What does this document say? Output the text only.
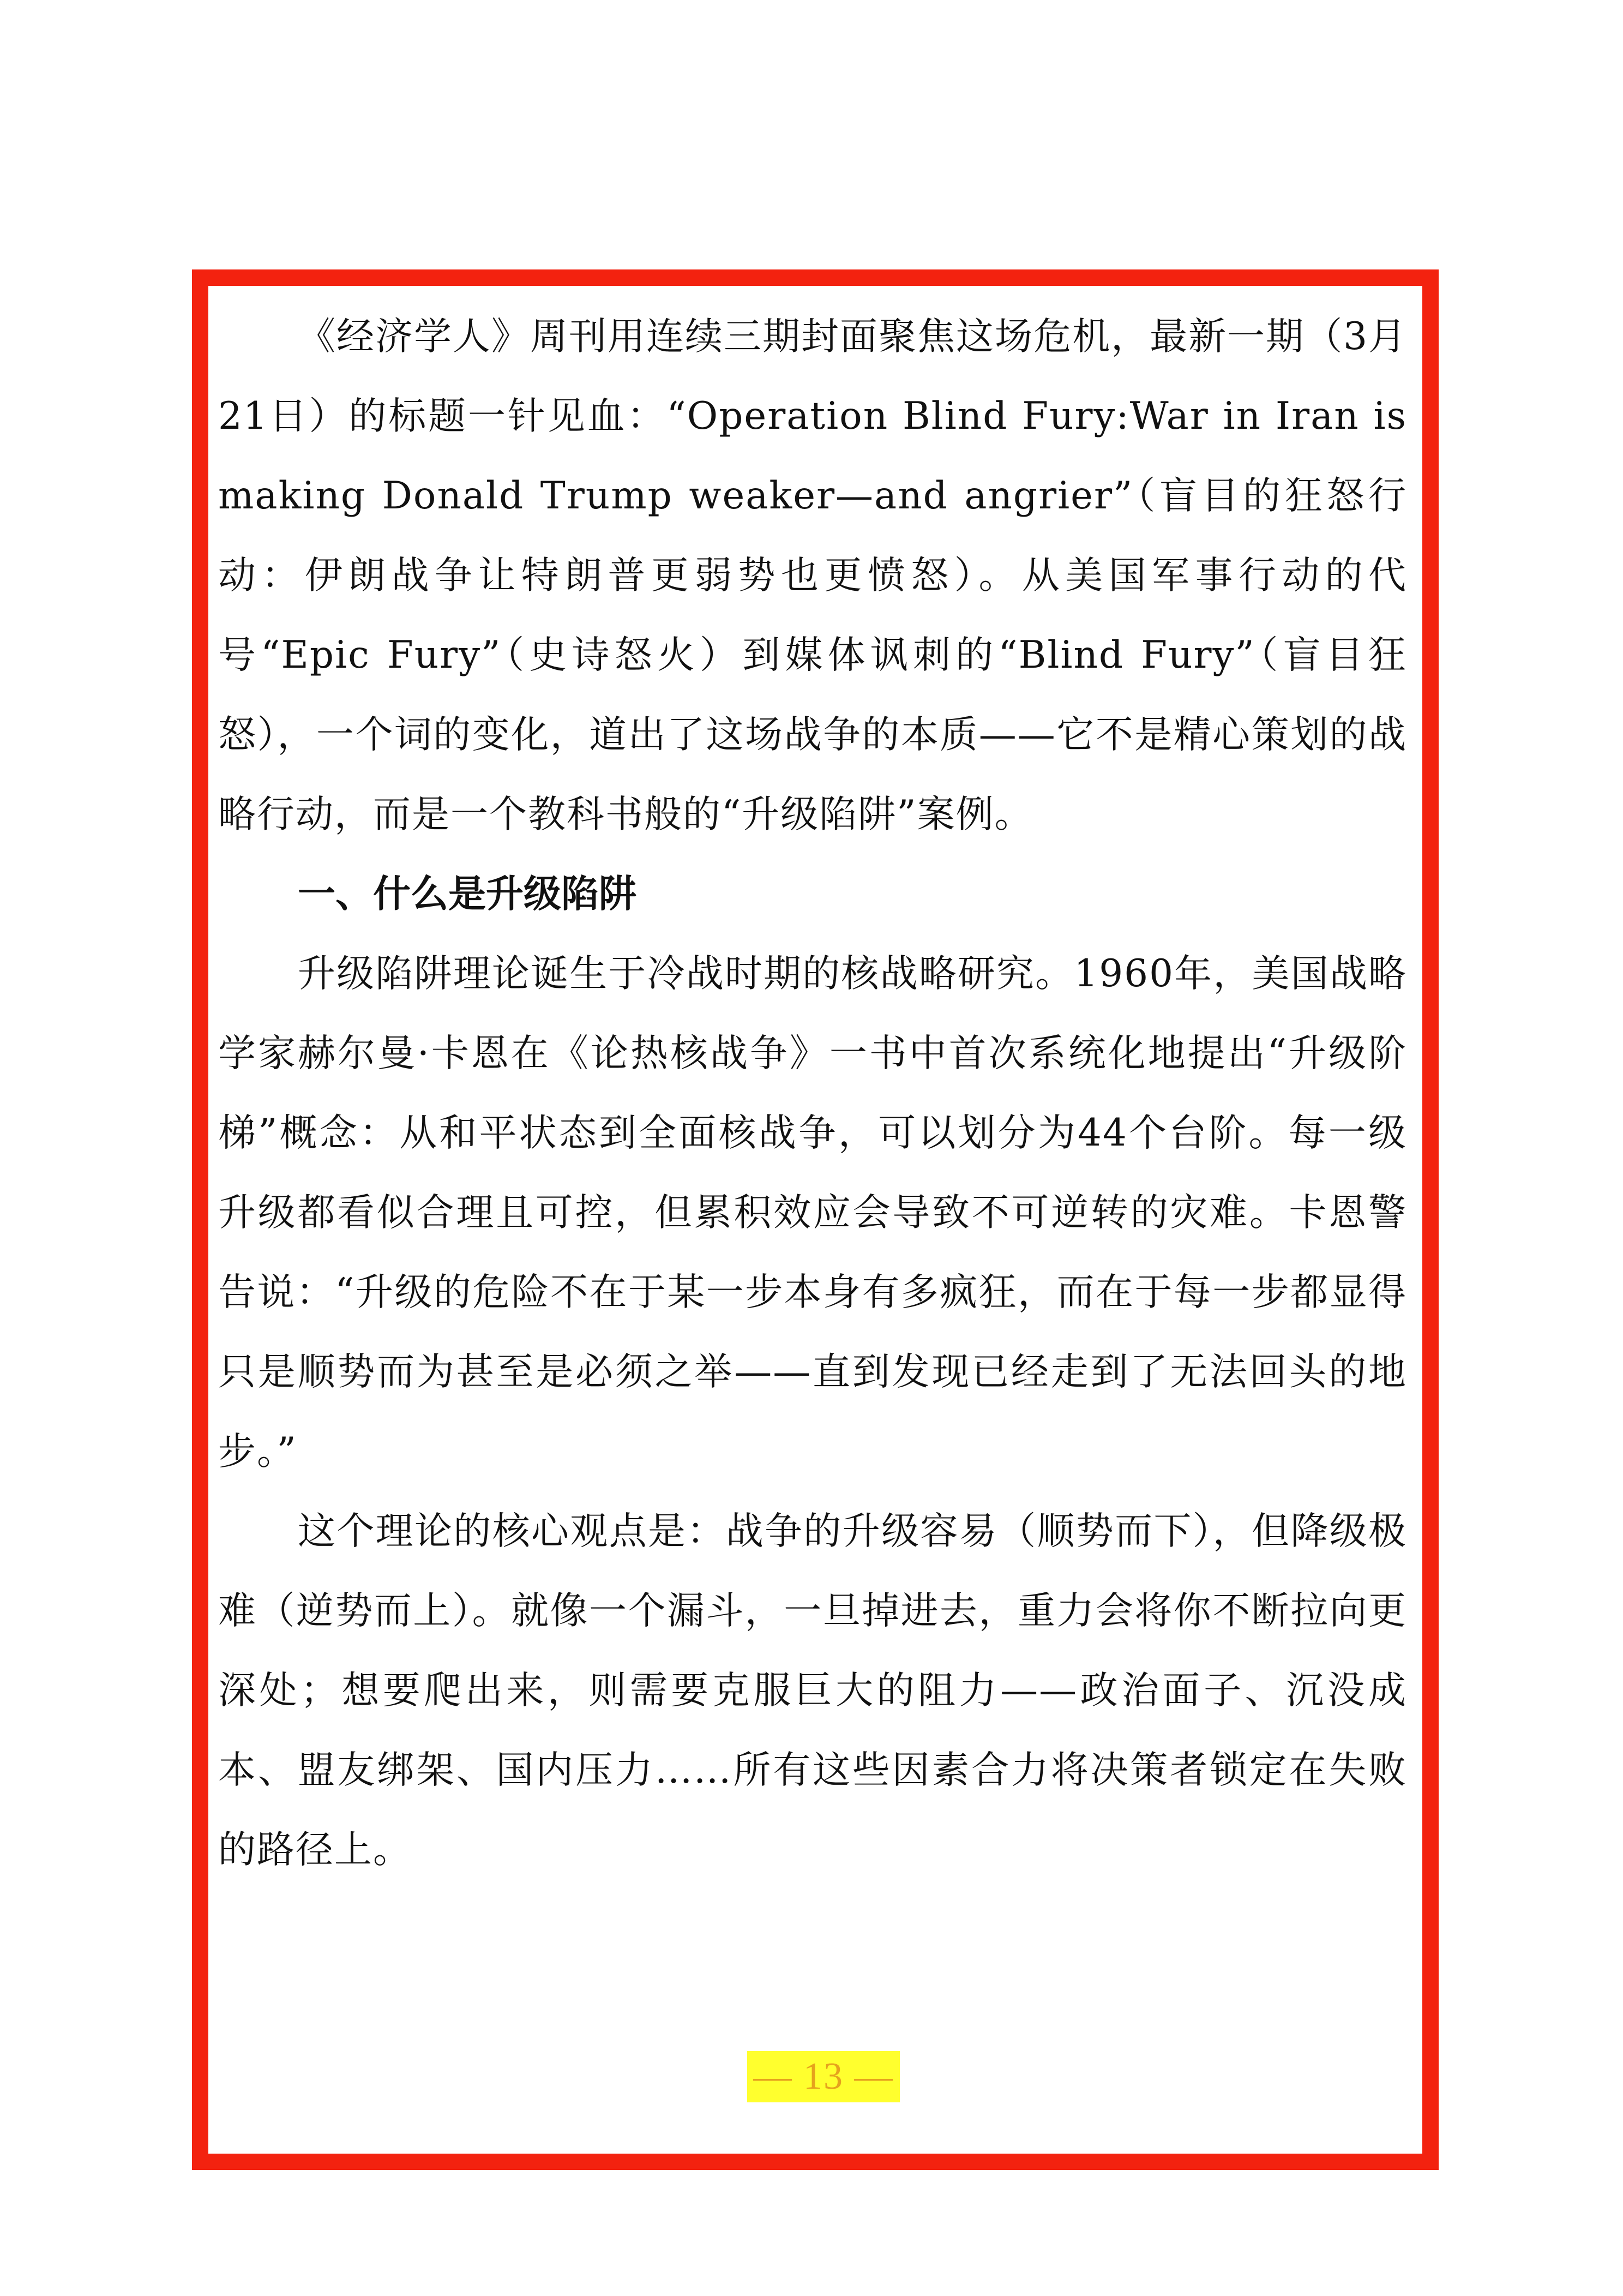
《经济学人》周刊用连续三期封面聚焦这场危机，最新一期（3月21日）的标题一针见血：“Operation Blind Fury:War in Iran is making Donald Trump weaker—and angrier”（盲目的狂怒行动：伊朗战争让特朗普更弱势也更愤怒）。从美国军事行动的代号“Epic Fury”（史诗怒火）到媒体讽刺的“Blind Fury”（盲目狂怒），一个词的变化，道出了这场战争的本质——它不是精心策划的战略行动，而是一个教科书般的“升级陷阱”案例。

一、什么是升级陷阱

升级陷阱理论诞生于冷战时期的核战略研究。1960年，美国战略学家赫尔曼·卡恩在《论热核战争》一书中首次系统化地提出“升级阶梯”概念：从和平状态到全面核战争，可以划分为44个台阶。每一级升级都看似合理且可控，但累积效应会导致不可逆转的灾难。卡恩警告说：“升级的危险不在于某一步本身有多疯狂，而在于每一步都显得只是顺势而为甚至是必须之举——直到发现已经走到了无法回头的地步。”

这个理论的核心观点是：战争的升级容易（顺势而下），但降级极难（逆势而上）。就像一个漏斗，一旦掉进去，重力会将你不断拉向更深处；想要爬出来，则需要克服巨大的阻力——政治面子、沉没成本、盟友绑架、国内压力……所有这些因素合力将决策者锁定在失败的路径上。

— 13 —
